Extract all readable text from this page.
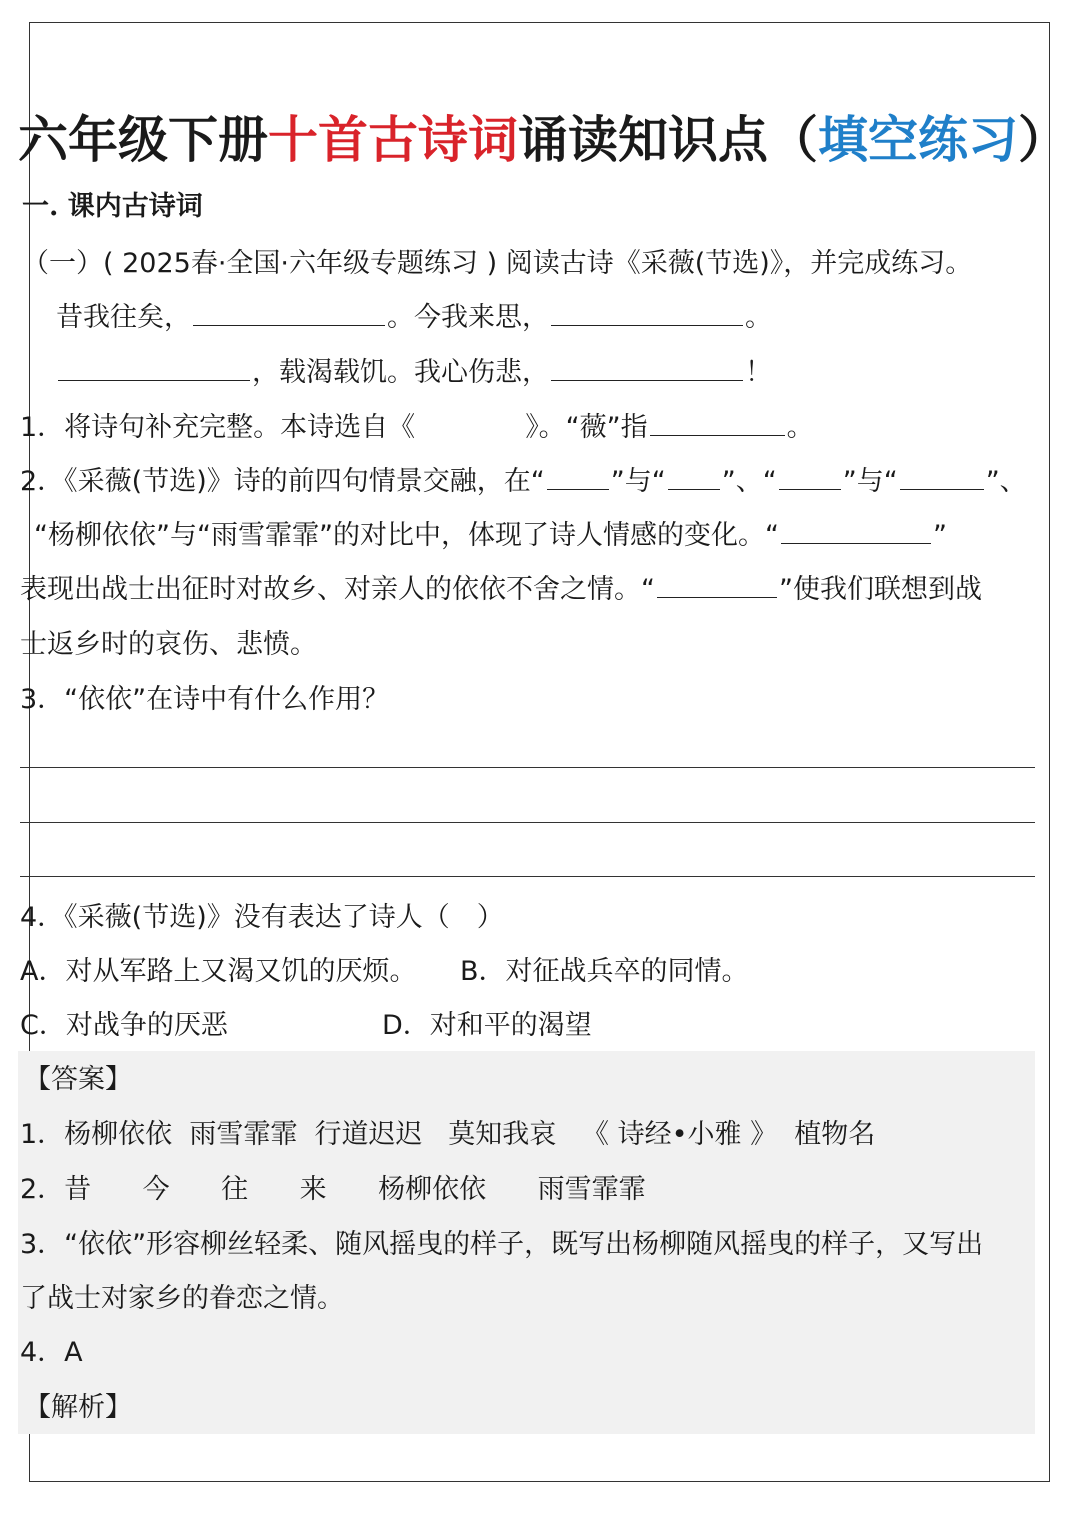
六年级下册十首古诗词诵读知识点（填空练习）
一. 课内古诗词
（一）( 2025春·全国·六年级专题练习 ) 阅读古诗《采薇(节选)》，并完成练习。
昔我往矣，	。今我来思，	。
，载渴载饥。我心伤悲，	！
1．将诗句补充完整。本诗选自《	》。“薇”指	。
2．《采薇(节选)》诗的前四句情景交融，在“ ”与“ ”、“ ”与“	”、
“杨柳依依”与“雨雪霏霏”的对比中，体现了诗人情感的变化。“	”
表现出战士出征时对故乡、对亲人的依依不舍之情。“	”使我们联想到战
士返乡时的哀伤、悲愤。
3．“依依”在诗中有什么作用？
4．《采薇(节选)》没有表达了诗人（　）
A．对从军路上又渴又饥的厌烦。 B．对征战兵卒的同情。
C．对战争的厌恶	D．对和平的渴望
【答案】
1．杨柳依依  雨雪霏霏  行道迟迟   莫知我哀   《 诗经•小雅 》  植物名
2．昔      今      往      来      杨柳依依      雨雪霏霏
3．“依依”形容柳丝轻柔、随风摇曳的样子，既写出杨柳随风摇曳的样子，又写出
了战士对家乡的眷恋之情。
4．A
【解析】
